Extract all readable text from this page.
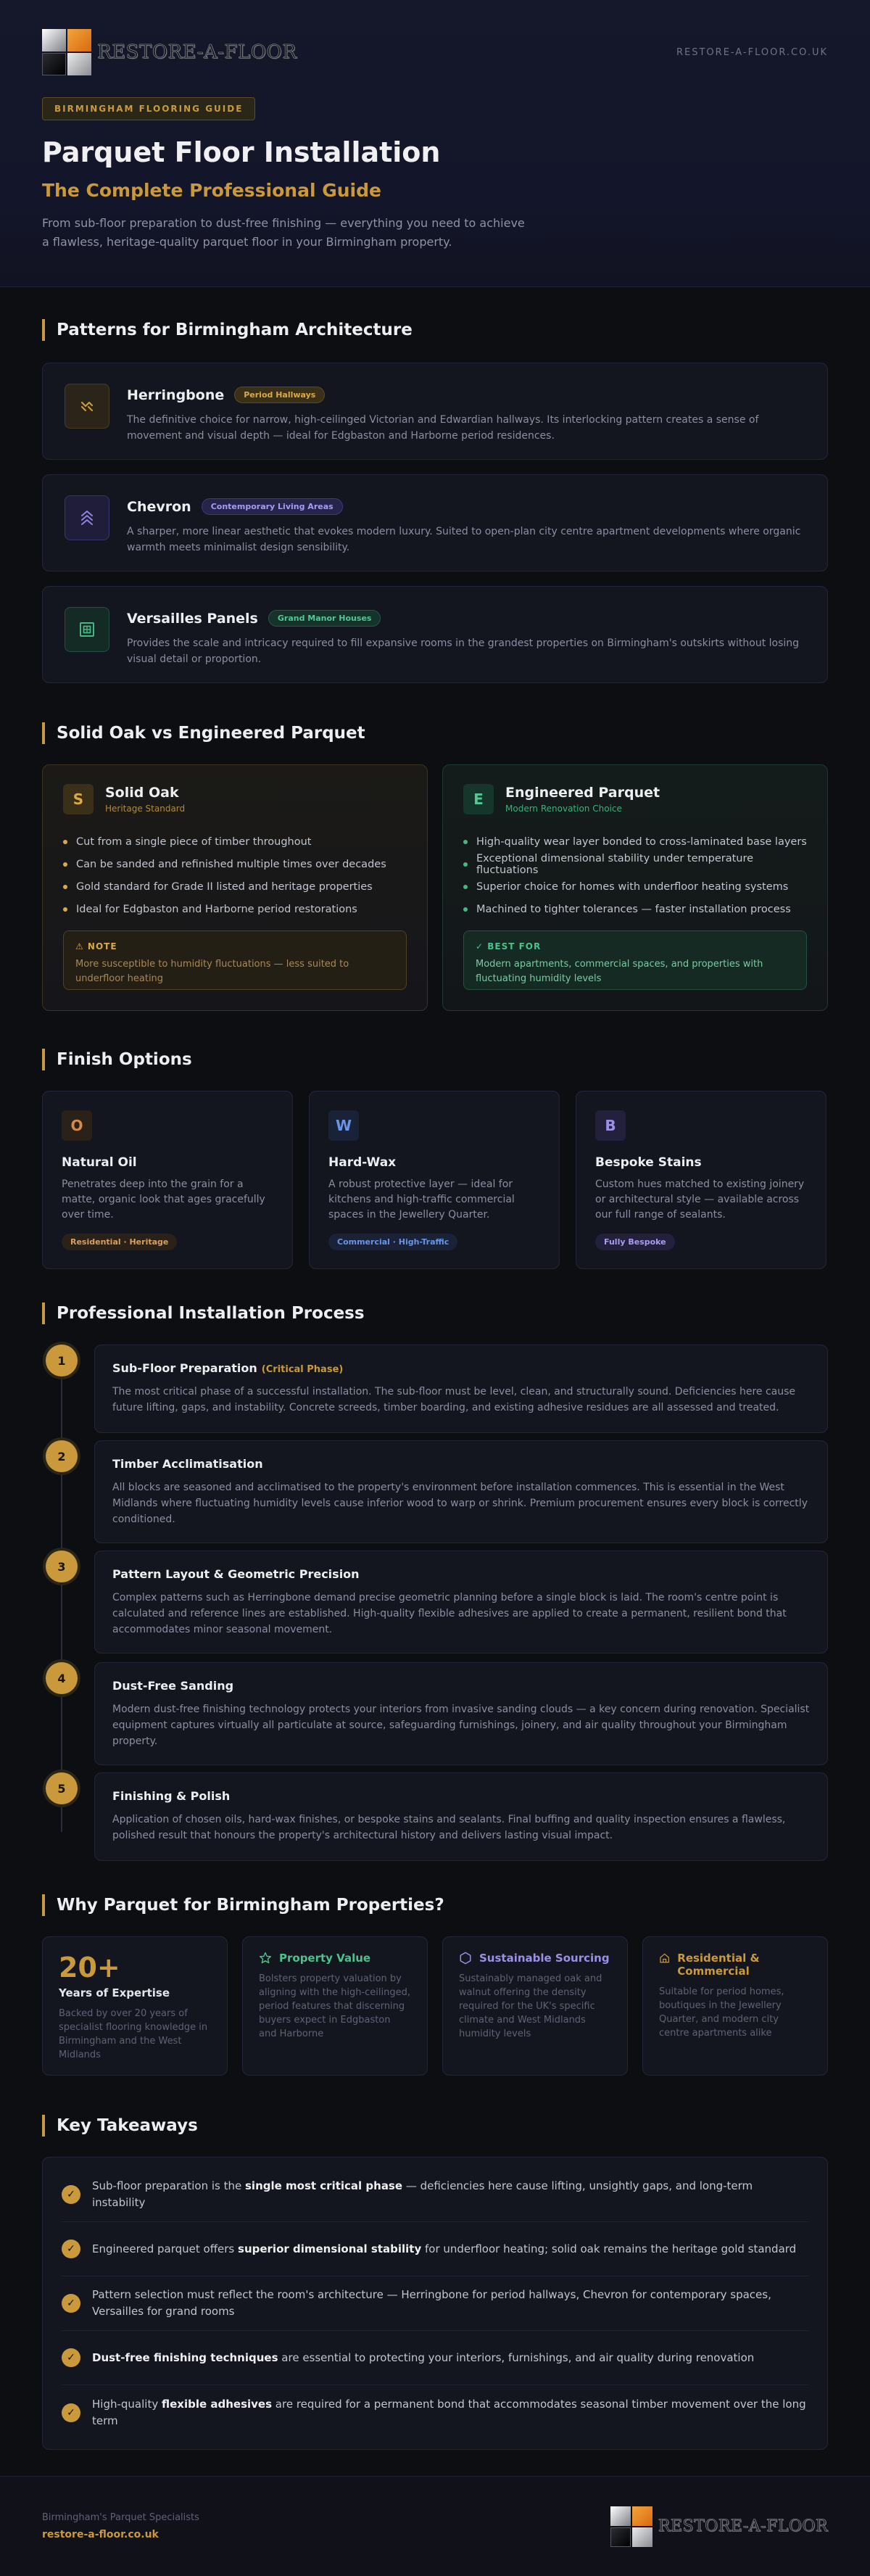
RESTORE-A-FLOOR	RESTORE-A-FLOOR.CO.UK
BIRMINGHAM FLOORING GUIDE
Parquet Floor Installation
The Complete Professional Guide

From sub-floor preparation to dust-free finishing — everything you need to achieve a flawless, heritage-quality parquet floor in your Birmingham property.

Patterns for Birmingham Architecture
Herringbone	Period Hallways

The definitive choice for narrow, high-ceilinged Victorian and Edwardian hallways. Its interlocking pattern creates a sense of movement and visual depth — ideal for Edgbaston and Harborne period residences.

Chevron	Contemporary Living Areas

A sharper, more linear aesthetic that evokes modern luxury. Suited to open-plan city centre apartment developments where organic warmth meets minimalist design sensibility.

Versailles Panels	Grand Manor Houses

Provides the scale and intricacy required to fill expansive rooms in the grandest properties on Birmingham's outskirts without losing visual detail or proportion.

Solid Oak vs Engineered Parquet
S	Solid Oak
Heritage Standard
Cut from a single piece of timber throughout
Can be sanded and refinished multiple times over decades
Gold standard for Grade II listed and heritage properties
Ideal for Edgbaston and Harborne period restorations
⚠ NOTE
More susceptible to humidity fluctuations — less suited to underfloor heating
E	Engineered Parquet
Modern Renovation Choice
High-quality wear layer bonded to cross-laminated base layers
Exceptional dimensional stability under temperature fluctuations
Superior choice for homes with underfloor heating systems
Machined to tighter tolerances — faster installation process
✓ BEST FOR
Modern apartments, commercial spaces, and properties with fluctuating humidity levels
Finish Options
O
Natural Oil

Penetrates deep into the grain for a matte, organic look that ages gracefully over time.

Residential · Heritage
W
Hard-Wax

A robust protective layer — ideal for kitchens and high-traffic commercial spaces in the Jewellery Quarter.

Commercial · High-Traffic
B
Bespoke Stains

Custom hues matched to existing joinery or architectural style — available across our full range of sealants.

Fully Bespoke
Professional Installation Process
1
Sub-Floor Preparation (Critical Phase)

The most critical phase of a successful installation. The sub-floor must be level, clean, and structurally sound. Deficiencies here cause future lifting, gaps, and instability. Concrete screeds, timber boarding, and existing adhesive residues are all assessed and treated.

2
Timber Acclimatisation

All blocks are seasoned and acclimatised to the property's environment before installation commences. This is essential in the West Midlands where fluctuating humidity levels cause inferior wood to warp or shrink. Premium procurement ensures every block is correctly conditioned.

3
Pattern Layout & Geometric Precision

Complex patterns such as Herringbone demand precise geometric planning before a single block is laid. The room's centre point is calculated and reference lines are established. High-quality flexible adhesives are applied to create a permanent, resilient bond that accommodates minor seasonal movement.

4
Dust-Free Sanding

Modern dust-free finishing technology protects your interiors from invasive sanding clouds — a key concern during renovation. Specialist equipment captures virtually all particulate at source, safeguarding furnishings, joinery, and air quality throughout your Birmingham property.

5
Finishing & Polish

Application of chosen oils, hard-wax finishes, or bespoke stains and sealants. Final buffing and quality inspection ensures a flawless, polished result that honours the property's architectural history and delivers lasting visual impact.

Why Parquet for Birmingham Properties?
20+
Years of Expertise

Backed by over 20 years of specialist flooring knowledge in Birmingham and the West Midlands

Property Value

Bolsters property valuation by aligning with the high-ceilinged, period features that discerning buyers expect in Edgbaston and Harborne

Sustainable Sourcing

Sustainably managed oak and walnut offering the density required for the UK's specific climate and West Midlands humidity levels

Residential & Commercial

Suitable for period homes, boutiques in the Jewellery Quarter, and modern city centre apartments alike

Key Takeaways
✓

Sub-floor preparation is the single most critical phase — deficiencies here cause lifting, unsightly gaps, and long-term instability

✓	Engineered parquet offers superior dimensional stability for underfloor heating; solid oak remains the heritage gold standard

✓

Pattern selection must reflect the room's architecture — Herringbone for period hallways, Chevron for contemporary spaces, Versailles for grand rooms

✓	Dust-free finishing techniques are essential to protecting your interiors, furnishings, and air quality during renovation

✓

High-quality flexible adhesives are required for a permanent bond that accommodates seasonal timber movement over the long term

Birmingham's Parquet Specialists
restore-a-floor.co.uk	RESTORE-A-FLOOR
